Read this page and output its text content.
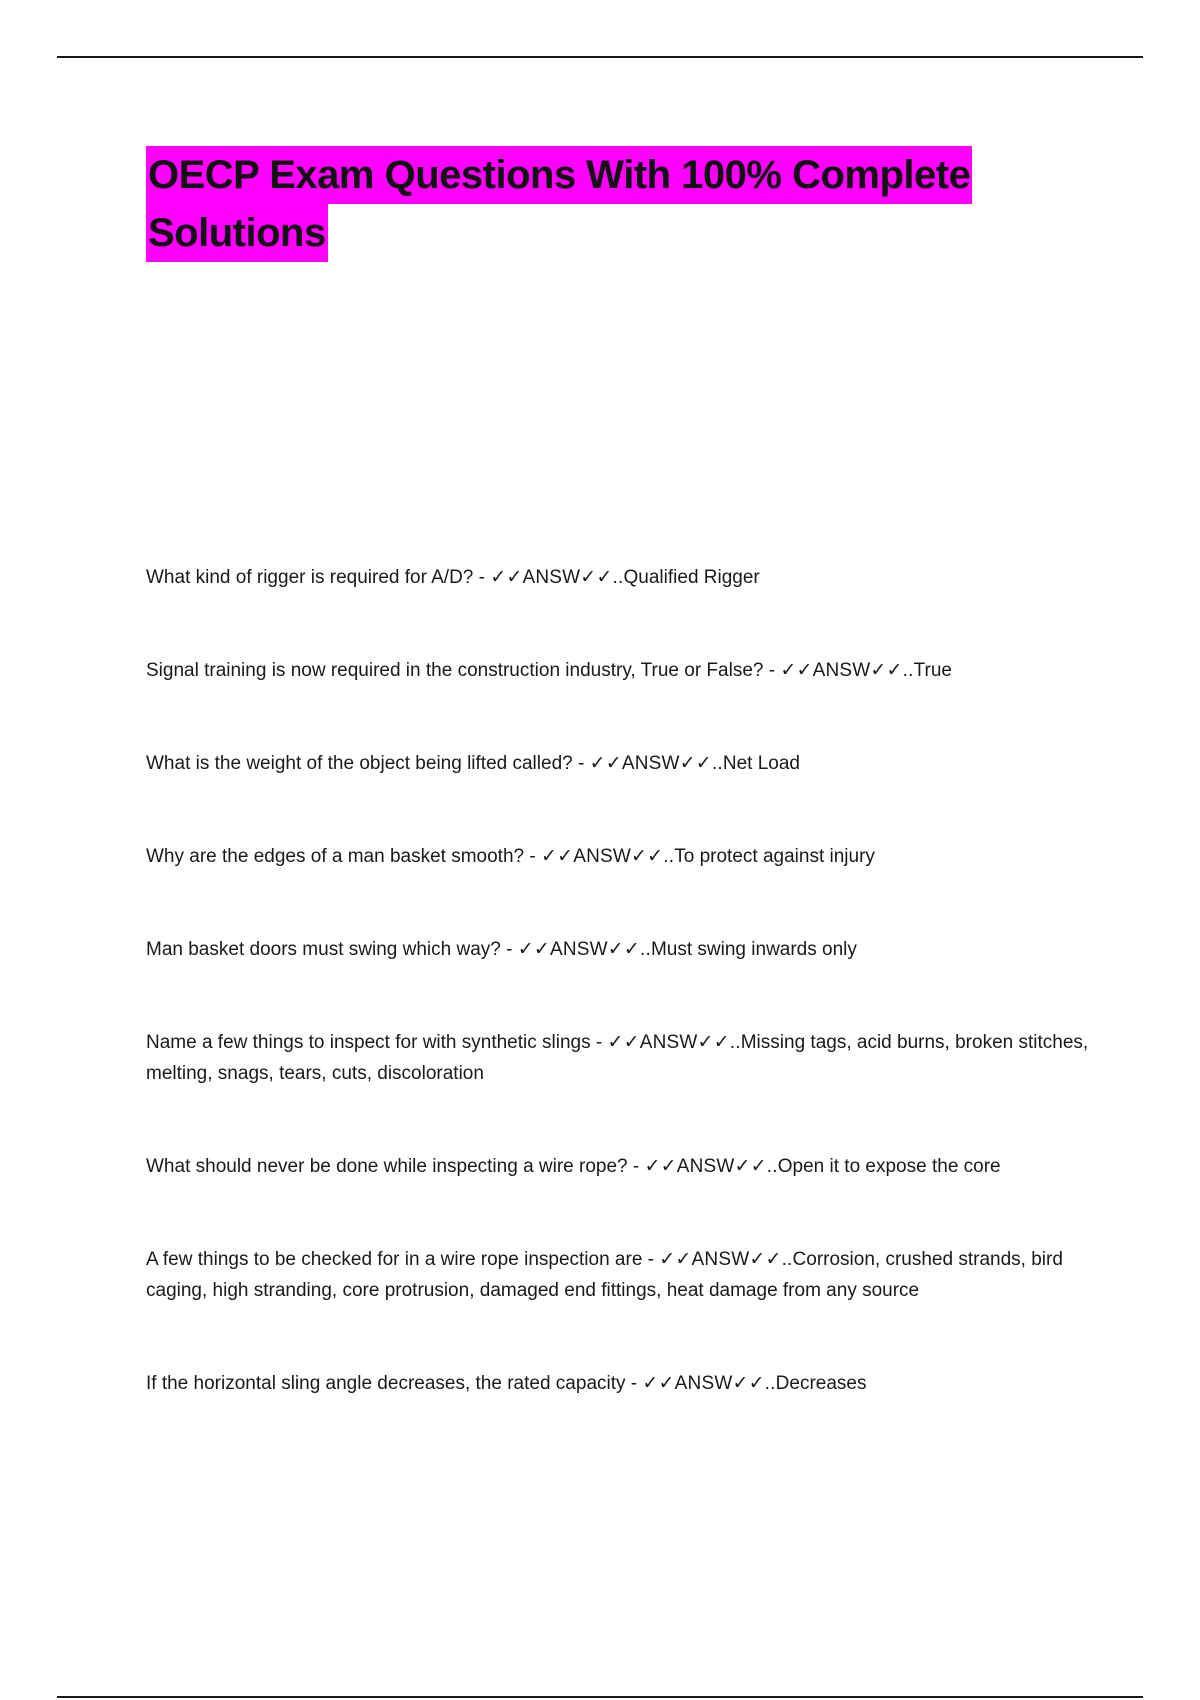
OECP Exam Questions With 100% Complete
Solutions
What kind of rigger is required for A/D? - ✓✓ANSW✓✓..Qualified Rigger
Signal training is now required in the construction industry, True or False? - ✓✓ANSW✓✓..True
What is the weight of the object being lifted called? - ✓✓ANSW✓✓..Net Load
Why are the edges of a man basket smooth? - ✓✓ANSW✓✓..To protect against injury
Man basket doors must swing which way? - ✓✓ANSW✓✓..Must swing inwards only
Name a few things to inspect for with synthetic slings - ✓✓ANSW✓✓..Missing tags, acid burns, broken stitches, melting, snags, tears, cuts, discoloration
What should never be done while inspecting a wire rope? - ✓✓ANSW✓✓..Open it to expose the core
A few things to be checked for in a wire rope inspection are - ✓✓ANSW✓✓..Corrosion, crushed strands, bird caging, high stranding, core protrusion, damaged end fittings, heat damage from any source
If the horizontal sling angle decreases, the rated capacity - ✓✓ANSW✓✓..Decreases
